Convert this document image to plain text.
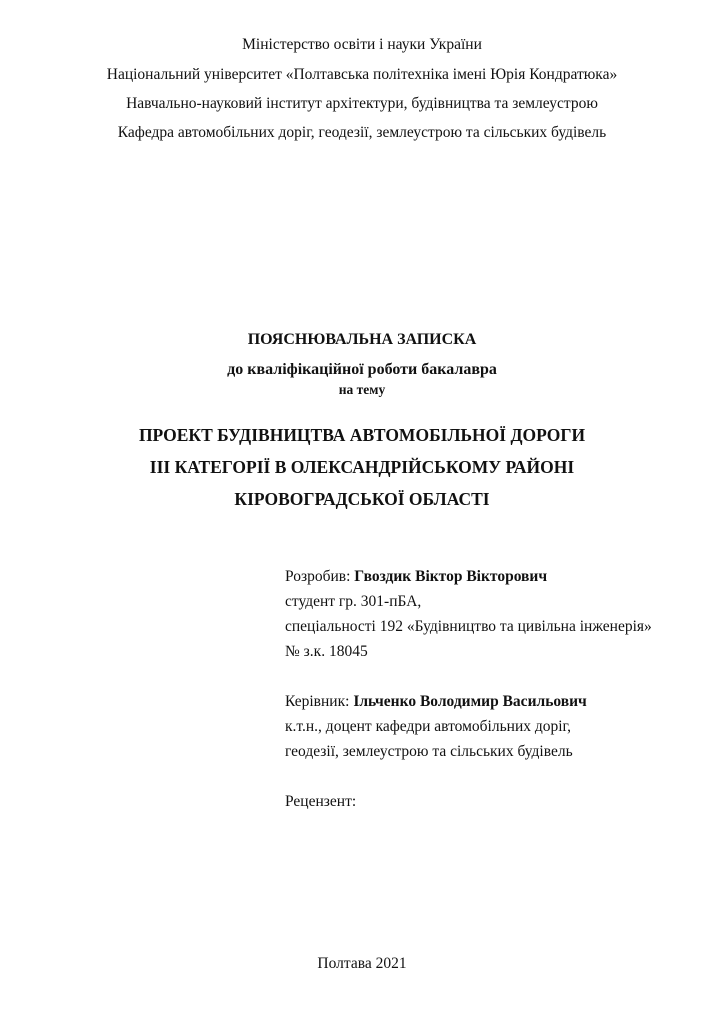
Міністерство освіти і науки України
Національний університет «Полтавська політехніка імені Юрія Кондратюка»
Навчально-науковий інститут архітектури, будівництва та землеустрою
Кафедра автомобільних доріг, геодезії, землеустрою та сільських будівель
ПОЯСНЮВАЛЬНА ЗАПИСКА
до кваліфікаційної роботи бакалавра
на тему
ПРОЕКТ БУДІВНИЦТВА АВТОМОБІЛЬНОЇ ДОРОГИ
ІІІ КАТЕГОРІЇ В ОЛЕКСАНДРІЙСЬКОМУ РАЙОНІ
КІРОВОГРАДСЬКОЇ ОБЛАСТІ
Розробив: Гвоздик Віктор Вікторович
студент гр. 301-пБА,
спеціальності 192 «Будівництво та цивільна інженерія»
№ з.к. 18045
Керівник: Ільченко Володимир Васильович
к.т.н., доцент кафедри автомобільних доріг,
геодезії, землеустрою та сільських будівель
Рецензент:
Полтава 2021
